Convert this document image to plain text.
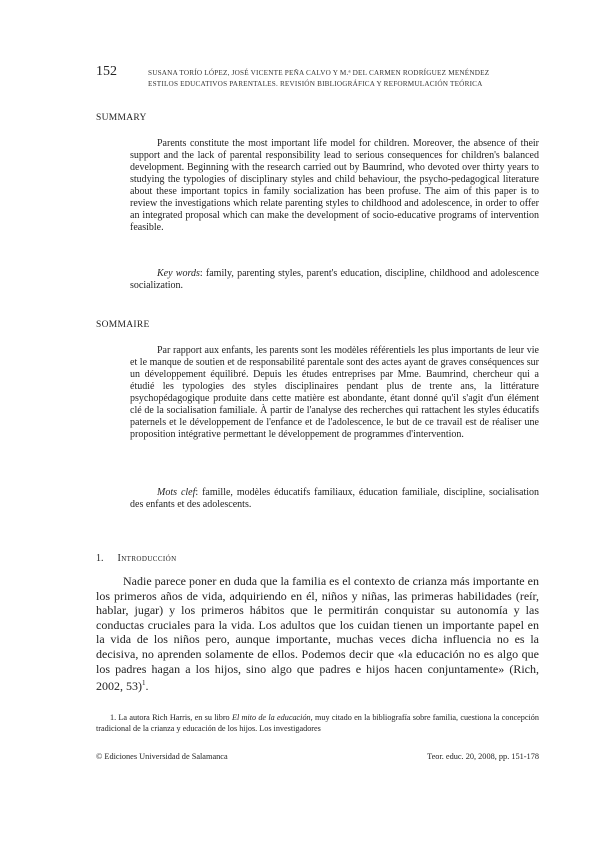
152	SUSANA TORÍO LÓPEZ, JOSÉ VICENTE PEÑA CALVO Y M.ª DEL CARMEN RODRÍGUEZ MENÉNDEZ
ESTILOS EDUCATIVOS PARENTALES. REVISIÓN BIBLIOGRÁFICA Y REFORMULACIÓN TEÓRICA
SUMMARY

Parents constitute the most important life model for children. Moreover, the absence of their support and the lack of parental responsibility lead to serious consequences for children's balanced development. Beginning with the research carried out by Baumrind, who devoted over thirty years to studying the typologies of disciplinary styles and child behaviour, the psycho-pedagogical literature about these important topics in family socialization has been profuse. The aim of this paper is to review the investigations which relate parenting styles to childhood and adolescence, in order to offer an integrated proposal which can make the development of socio-educative programs of intervention feasible.

Key words: family, parenting styles, parent's education, discipline, childhood and adolescence socialization.

SOMMAIRE

Par rapport aux enfants, les parents sont les modèles référentiels les plus importants de leur vie et le manque de soutien et de responsabilité parentale sont des actes ayant de graves conséquences sur un développement équilibré. Depuis les études entreprises par Mme. Baumrind, chercheur qui a étudié les typologies des styles disciplinaires pendant plus de trente ans, la littérature psychopédagogique produite dans cette matière est abondante, étant donné qu'il s'agit d'un élément clé de la socialisation familiale. À partir de l'analyse des recherches qui rattachent les styles éducatifs paternels et le développement de l'enfance et de l'adolescence, le but de ce travail est de réaliser une proposition intégrative permettant le développement de programmes d'intervention.

Mots clef: famille, modèles éducatifs familiaux, éducation familiale, discipline, socialisation des enfants et des adolescents.

1. Introducción

Nadie parece poner en duda que la familia es el contexto de crianza más importante en los primeros años de vida, adquiriendo en él, niños y niñas, las primeras habilidades (reír, hablar, jugar) y los primeros hábitos que le permitirán conquistar su autonomía y las conductas cruciales para la vida. Los adultos que los cuidan tienen un importante papel en la vida de los niños pero, aunque importante, muchas veces dicha influencia no es la decisiva, no aprenden solamente de ellos. Podemos decir que «la educación no es algo que los padres hagan a los hijos, sino algo que padres e hijos hacen conjuntamente» (Rich, 2002, 53)$^1$.

1. La autora Rich Harris, en su libro El mito de la educación, muy citado en la bibliografía sobre familia, cuestiona la concepción tradicional de la crianza y educación de los hijos. Los investigadores

© Ediciones Universidad de Salamanca	Teor. educ. 20, 2008, pp. 151-178
